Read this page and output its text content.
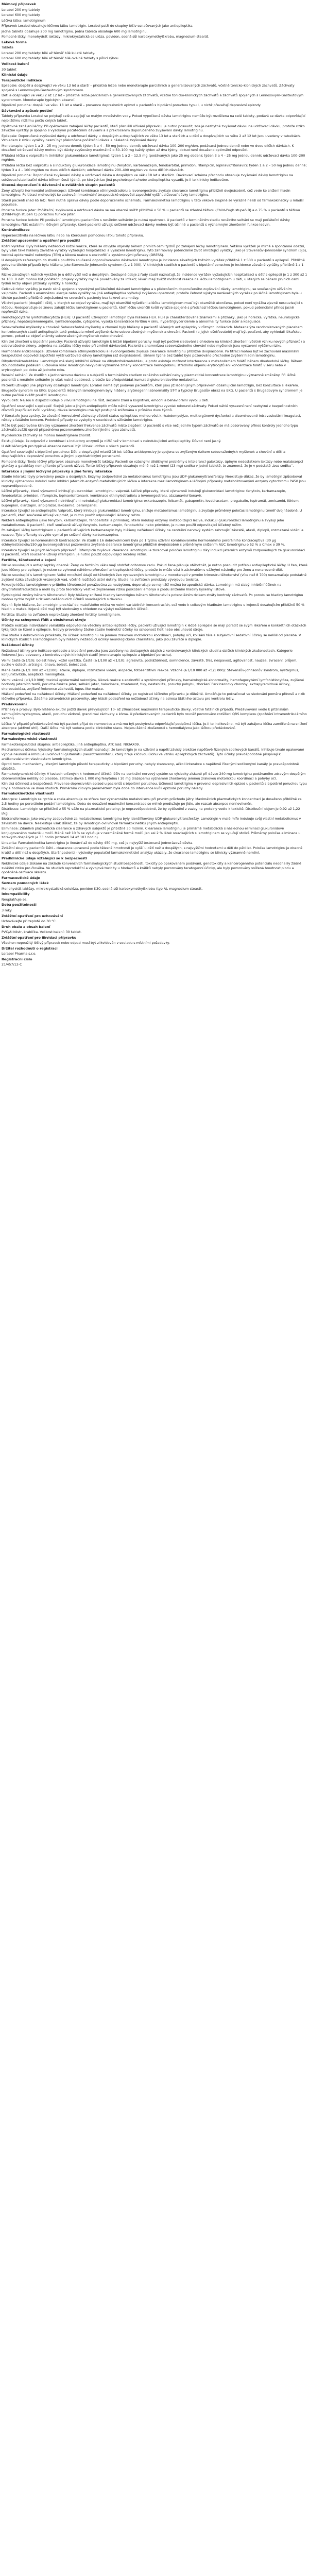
Mémový přípravek

Lorabel 200 mg tablety

Lorabel 600 mg tablety

Léčivá látka: lamotriginum

Přípravek Lorabel obsahuje léčivou látku lamotrigin. Lorabel patří do skupiny léčiv označovaných jako antiepileptika.

Jedna tableta obsahuje 200 mg lamotriginu. Jedna tableta obsahuje 600 mg lamotriginu.

Pomocné látky: monohydrát laktózy, mikrokrystalická celulóza, povidon, sodná sůl karboxymethylškrobu, magnesium-stearát.

Léková forma

Tableta

Lorabel 200 mg tablety: bílé až téměř bílé kulaté tablety.

Lorabel 600 mg tablety: bílé až téměř bílé oválné tablety s půlicí rýhou.

Velikost balení

30 tablet

Klinické údaje

Terapeutické indikace

Epilepsie: dospělí a dospívající ve věku 13 let a starší – přídatná léčba nebo monoterapie parciálních a generalizovaných záchvatů, včetně tonicko-klonických záchvatů. Záchvaty spojené s Lennoxovým-Gastautovým syndromem.

Děti a dospívající ve věku 2 až 12 let – přídatná léčba parciálních a generalizovaných záchvatů, včetně tonicko-klonických záchvatů a záchvatů spojených s Lennoxovým-Gastautovým syndromem. Monoterapie typických absencí.

Bipolární porucha: dospělí ve věku 18 let a starší – prevence depresivních epizod u pacientů s bipolární poruchou typu I, u nichž převažují depresivní epizody.

Dávkování a způsob podání

Tablety přípravku Lorabel se polykají celé a zapíjejí se malým množstvím vody. Pokud vypočtená dávka lamotriginu nemůže být rozdělena na celé tablety, podává se dávka odpovídající nejbližšímu nižšímu počtu celých tablet.

Opětovné zahájení léčby: Při opětovném zahájení léčby pacientů, kteří přerušili užívání přípravku, je nutno posoudit, zda je nezbytné zvyšovat dávku na udržovací dávku, protože riziko závažné vyrážky je spojeno s vysokými počátečními dávkami a s překročením doporučeného zvyšování dávky lamotriginu.

Epilepsie: Doporučené zvyšování dávky a udržovací dávky u dospělých a dospívajících ve věku 13 let a starších a u dětí a dospívajících ve věku 2 až 12 let jsou uvedeny v tabulkách. Vzhledem k riziku vyrážky nesmí být překročena počáteční dávka a následné zvyšování dávky.

Monoterapie: týden 1 a 2 – 25 mg jednou denně; týden 3 a 4 – 50 mg jednou denně; udržovací dávka 100–200 mg/den, podávaná jednou denně nebo ve dvou dílčích dávkách. K dosažení udržovací dávky mohou být dávky zvyšovány maximálně o 50–100 mg každý týden až dva týdny, dokud není dosaženo optimální odpovědi.

Přídatná léčba s valproátem (inhibitor glukuronidace lamotriginu): týden 1 a 2 – 12,5 mg (podávaných jako 25 mg obden); týden 3 a 4 – 25 mg jednou denně; udržovací dávka 100–200 mg/den.

Přídatná léčba bez valproátu a s induktory glukuronidace lamotriginu (fenytoin, karbamazepin, fenobarbital, primidon, rifampicin, lopinavir/ritonavir): týden 1 a 2 – 50 mg jednou denně; týden 3 a 4 – 100 mg/den ve dvou dílčích dávkách; udržovací dávka 200–400 mg/den ve dvou dílčích dávkách.

Bipolární porucha: Doporučené zvyšování dávky a udržovací dávka u dospělých ve věku 18 let a starších. Dávkovací schéma přechodu obsahuje zvyšování dávky lamotriginu na udržovací stabilizační dávku během šesti týdnů, po kterých lze jiná psychotropní a/nebo antiepileptika vysadit, je-li to klinicky indikováno.

Obecná doporučení k dávkování u zvláštních skupin pacientů

Ženy užívající hormonální antikoncepci: Užívání kombinace ethinylestradiolu a levonorgestrelu zvyšuje clearance lamotriginu přibližně dvojnásobně, což vede ke snížení hladin lamotriginu. Po titraci mohou být ke zachování maximální terapeutické odpovědi zapotřebí vyšší udržovací dávky lamotriginu.

Starší pacienti (nad 65 let): Není nutná úprava dávky podle doporučeného schématu. Farmakokinetika lamotriginu v této věkové skupině se výrazně neliší od farmakokinetiky u mladší populace.

Porucha funkce jater: Počáteční, zvyšovaná a udržovací dávka se má obecně snížit přibližně o 50 % u pacientů se středně těžkou (Child-Pugh stupeň B) a o 75 % u pacientů s těžkou (Child-Pugh stupeň C) poruchou funkce jater.

Porucha funkce ledvin: Při podávání lamotriginu pacientům s renálním selháním je nutná opatrnost. U pacientů v terminálním stadiu renálního selhání se mají počáteční dávky lamotriginu řídit ostatními léčivými přípravky, které pacienti užívají; snížené udržovací dávky mohou být účinné u pacientů s významným zhoršením funkce ledvin.

Kontraindikace

Hypersenzitivita na léčivou látku nebo na kteroukoli pomocnou látku tohoto přípravku.

Zvláštní upozornění a opatření pro použití

Kožní vyrážka: Byly hlášeny nežádoucí kožní reakce, které se obvykle objevily během prvních osmi týdnů po zahájení léčby lamotriginem. Většina vyrážek je mírná a spontánně odezní, byly však také hlášeny závažné vyrážky vyžadující hospitalizaci a vysazení lamotriginu. Tyto zahrnovaly potenciálně život ohrožující vyrážky, jako je Stevensův-Johnsonův syndrom (SJS), toxická epidermální nekrolýza (TEN) a léková reakce s eozinofilií a systémovými příznaky (DRESS).

U dospělých zařazených do studií s použitím současně doporučovaného dávkování lamotriginu je incidence závažných kožních vyrážek přibližně 1 z 500 u pacientů s epilepsií. Přibližně polovina těchto případů byla hlášena jako Stevensův-Johnsonův syndrom (1 z 1 000). V klinických studiích u pacientů s bipolární poruchou je incidence závažné vyrážky přibližně 1 z 1 000.

Riziko závažných kožních vyrážek je u dětí vyšší než u dospělých. Dostupné údaje z řady studií naznačují, že incidence vyrážek vyžadujících hospitalizaci u dětí s epilepsií je 1 z 300 až 1 ze 100. U dětí mohou být počáteční projevy vyrážky mylně považovány za infekci; lékaři mají zvážit možnost reakce na léčbu lamotriginem u dětí, u kterých se během prvních osmi týdnů léčby objeví příznaky vyrážky a horečky.

Celkové riziko vyrážky je navíc silně spojeno s vysokými počátečními dávkami lamotriginu a s překročením doporučeného zvyšování dávky lamotriginu, se současným užíváním valproátu. Pacienti s anamnézou alergie nebo vyrážky na jiná antiepileptika vyžadují zvýšenou opatrnost, protože četnost výskytu nezávažných vyrážek po léčbě lamotriginem byla u těchto pacientů přibližně trojnásobná ve srovnání s pacienty bez takové anamnézy.

Všichni pacienti (dospělí i děti), u kterých se objeví vyrážka, mají být okamžitě vyšetřeni a léčba lamotriginem musí být okamžitě ukončena, pokud není vyrážka zjevně nesouvisející s léčbou. Nedoporučuje se znovu zahájit léčbu lamotriginem u pacientů, kteří léčbu ukončili kvůli vyrážce spojené s předchozí léčbou lamotriginem, pokud potenciální přínos jasně nepřeváží riziko.

Hemofagocytární lymfohistiocytóza (HLH): U pacientů užívajících lamotrigin byla hlášena HLH. HLH je charakterizována známkami a příznaky, jako je horečka, vyrážka, neurologické příznaky, hepatosplenomegalie, lymfadenopatie, cytopenie, vysoká koncentrace feritinu v séru, hypertriglyceridemie a abnormality funkce jater a koagulace.

Sebevražedné myšlenky a chování: Sebevražedné myšlenky a chování byly hlášeny u pacientů léčených antiepileptiky v různých indikacích. Metaanalýza randomizovaných placebem kontrolovaných studií antiepileptik také prokázala mírně zvýšené riziko sebevražedných myšlenek a chování. Pacienti (a jejich ošetřovatelé) mají být poučeni, aby vyhledali lékařskou pomoc, pokud se objeví známky sebevražedných myšlenek nebo chování.

Klinické zhoršení u bipolární poruchy: Pacienti užívající lamotrigin k léčbě bipolární poruchy mají být pečlivě sledováni s ohledem na klinické zhoršení (včetně vzniku nových příznaků) a sebevražedné sklony, zejména na začátku léčby nebo při změně dávkování. Pacienti s anamnézou sebevražedného chování nebo myšlenek jsou vystaveni vyššímu riziku.

Hormonální antikoncepce: Užívání kombinace ethinylestradiolu a levonorgestrelu zvyšuje clearance lamotriginu přibližně dvojnásobně. Po titraci mohou být ke zachování maximální terapeutické odpovědi zapotřebí vyšší udržovací dávky lamotriginu (až dvojnásobné). Během týdne bez tablet bylo pozorováno přechodné zvýšení hladin lamotriginu.

Dihydrofolátreduktáza: Lamotrigin má slabý inhibiční účinek na dihydrofolátreduktázu, a proto existuje možnost interference s metabolismem folátů během dlouhodobé léčby. Během dlouhodobého podávání u člověka však lamotrigin nevyvolal významné změny koncentrace hemoglobinu, středního objemu erytrocytů ani koncentrace folátů v séru nebo v erytrocytech po dobu až jednoho roku.

Renální selhání: Ve studiích s jednorázovou dávkou u subjektů s terminálním stadiem renálního selhání nebyly plazmatické koncentrace lamotriginu významně změněny. Při léčbě pacientů s renálním selháním je však nutná opatrnost, protože lze předpokládat kumulaci glukuronidového metabolitu.

Pacienti užívající jiné přípravky obsahující lamotrigin: Lorabel nemá být podáván pacientům, kteří jsou již léčeni jiným přípravkem obsahujícím lamotrigin, bez konzultace s lékařem.

Brugadův syndrom na EKG: U pacientů léčených lamotriginem byly hlášeny arytmogenní abnormality ST-T a typický Brugadův obraz na EKG. U pacientů s Brugadovým syndromem je nutno pečlivě zvážit použití lamotriginu.

Vývoj dětí: Nejsou k dispozici údaje o vlivu lamotriginu na růst, sexuální zrání a kognitivní, emoční a behaviorální vývoj u dětí.

Opatření související s epilepsií: Stejně jako u jiných antiepileptik může náhlé vysazení lamotriginu vyvolat rebound záchvaty. Pokud náhlé vysazení není nezbytné z bezpečnostních důvodů (například kvůli vyrážce), dávka lamotriginu má být postupně snižována v průběhu dvou týdnů.

V literatuře jsou zprávy, že závažné konvulzivní záchvaty včetně status epilepticus mohou vést k rhabdomyolýze, multiorgánové dysfunkci a diseminované intravaskulární koagulaci, někdy s fatálním koncem. Podobné případy se vyskytly v souvislosti s užíváním lamotriginu.

Může být pozorováno klinicky významné zhoršení frekvence záchvatů místo zlepšení. U pacientů s více než jedním typem záchvatů se má pozorovaný přínos kontroly jednoho typu záchvatů zvážit oproti případnému pozorovanému zhoršení jiného typu záchvatů.

Myoklonické záchvaty se mohou lamotriginem zhoršit.

Existují údaje, že odpověď v kombinaci s induktory enzymů je nižší než v kombinaci s neindukujícími antiepileptiky. Důvod není jasný.

U dětí léčených pro typické absence nemusí být účinek udržen u všech pacientů.

Opatření související s bipolární poruchou: Děti a dospívající mladší 18 let: Léčba antidepresivy je spojena se zvýšeným rizikem sebevražedných myšlenek a chování u dětí a dospívajících s depresivní poruchou a jinými psychiatrickými poruchami.

Pomocné látky: Tento léčivý přípravek obsahuje monohydrát laktózy. Pacienti se vzácnými dědičnými problémy s intolerancí galaktózy, úplným nedostatkem laktázy nebo malabsorpcí glukózy a galaktózy nemají tento přípravek užívat. Tento léčivý přípravek obsahuje méně než 1 mmol (23 mg) sodíku v jedné tabletě, to znamená, že je v podstatě „bez sodíku“.

Interakce s jinými léčivými přípravky a jiné formy interakce

Studie interakcí byly provedeny pouze u dospělých. Enzymy zodpovědné za metabolismus lamotriginu jsou UDP-glukuronyltransferázy. Neexistuje důkaz, že by lamotrigin způsoboval klinicky významnou indukci nebo inhibici jaterních enzymů metabolizujících léčiva a interakce mezi lamotriginem a léčivými přípravky metabolizovanými enzymy cytochromu P450 jsou nepravděpodobné.

Léčivé přípravky, které významně inhibují glukuronidaci lamotriginu: valproát. Léčivé přípravky, které významně indukují glukuronidaci lamotriginu: fenytoin, karbamazepin, fenobarbital, primidon, rifampicin, lopinavir/ritonavir, kombinace ethinylestradiolu a levonorgestrelu, atazanavir/ritonavir.

Léčivé přípravky, které významně neinhibují ani neindukují glukuronidaci lamotriginu: oxkarbazepin, felbamát, gabapentin, levetiracetam, pregabalin, topiramát, zonisamid, lithium, bupropion, olanzapin, aripiprazol, lakosamid, perampanel.

Interakce týkající se antiepileptik: Valproát, který inhibuje glukuronidaci lamotriginu, snižuje metabolismus lamotriginu a zvyšuje průměrný poločas lamotriginu téměř dvojnásobně. U pacientů, kteří současně užívají valproát, je nutno použít odpovídající léčebný režim.

Některá antiepileptika (jako fenytoin, karbamazepin, fenobarbital a primidon), která indukují enzymy metabolizující léčiva, indukují glukuronidaci lamotriginu a zvyšují jeho metabolismus. U pacientů, kteří současně užívají fenytoin, karbamazepin, fenobarbital nebo primidon, je nutno použít odpovídající léčebný režim.

Po zahájení léčby lamotriginem u pacientů užívajících karbamazepin byly hlášeny nežádoucí účinky na centrální nervový systém zahrnující závratě, ataxii, diplopii, rozmazané vidění a nauzeu. Tyto příznaky obvykle vymizí po snížení dávky karbamazepinu.

Interakce týkající se hormonálních kontraceptiv: Ve studii s 16 dobrovolnicemi byla po 1 týdnu užívání kombinovaného hormonálního perorálního kontraceptiva (30 µg ethinylestradiolu/150 µg levonorgestrelu) pozorována zvýšená clearance lamotriginu přibližně dvojnásobně s průměrným snížením AUC lamotriginu o 52 % a Cmax o 39 %.

Interakce týkající se jiných léčivých přípravků: Rifampicin zvyšoval clearance lamotriginu a zkracoval poločas lamotriginu díky indukci jaterních enzymů zodpovědných za glukuronidaci. U pacientů, kteří současně užívají rifampicin, je nutno použít odpovídající léčebný režim.

Fertilita, těhotenství a kojení

Riziko související s antiepileptiky obecně: Ženy ve fertilním věku mají obdržet odbornou radu. Pokud žena plánuje otěhotnět, je nutno posoudit potřebu antiepileptické léčby. U žen, které jsou léčeny pro epilepsii, je nutno se vyhnout náhlému přerušení antiepileptické léčby, protože to může vést k záchvatům s vážnými následky pro ženu a nenarozené dítě.

Riziko související s lamotriginem: Velké množství údajů od těhotných žen vystavených lamotriginu v monoterapii v prvním trimestru těhotenství (více než 8 700) nenaznačuje podstatné zvýšení rizika závažných vrozených vad, včetně rozštěpů ústní dutiny. Studie na zvířatech prokázaly vývojovou toxicitu.

Pokud je léčba lamotriginem v průběhu těhotenství považována za nezbytnou, doporučuje se nejnižší možná terapeutická dávka. Lamotrigin má slabý inhibiční účinek na dihydrofolátreduktázu a mohl by proto teoreticky vést ke zvýšenému riziku poškození embrya a plodu snížením hladiny kyseliny listové.

Fyziologické změny během těhotenství: Byly hlášeny snížené hladiny lamotriginu během těhotenství s potenciálním rizikem ztráty kontroly záchvatů. Po porodu se hladiny lamotriginu mohou rychle zvýšit s rizikem nežádoucích účinků souvisejících s dávkou.

Kojení: Bylo hlášeno, že lamotrigin prochází do mateřského mléka ve velmi variabilních koncentracích, což vede k celkovým hladinám lamotriginu u kojenců dosahujícím přibližně 50 % hladin u matek. Kojené děti mají být sledovány s ohledem na výskyt nežádoucích účinků.

Fertilita: Studie na zvířatech neprokázaly zhoršení fertility lamotriginem.

Účinky na schopnost řídit a obsluhovat stroje

Protože existuje individuální variabilita odpovědi na všechny antiepileptické léčby, pacienti užívající lamotrigin k léčbě epilepsie se mají poradit se svým lékařem o konkrétních otázkách týkajících se řízení a epilepsie. Nebyly provedeny žádné studie hodnotící účinky na schopnost řídit nebo obsluhovat stroje.

Dvě studie s dobrovolníky prokázaly, že účinek lamotriginu na jemnou zrakovou motorickou koordinaci, pohyby očí, kolísání těla a subjektivní sedativní účinky se nelišil od placeba. V klinických studiích s lamotriginem byly hlášeny nežádoucí účinky neurologického charakteru, jako jsou závratě a diplopie.

Nežádoucí účinky

Nežádoucí účinky pro indikace epilepsie a bipolární porucha jsou založeny na dostupných údajích z kontrolovaných klinických studií a dalších klinických zkušenostech. Kategorie frekvencí jsou odvozeny z kontrolovaných klinických studií (monoterapie epilepsie a bipolární porucha).

Velmi časté (≥1/10): bolest hlavy, kožní vyrážka. Časté (≥1/100 až <1/10): agresivita, podrážděnost, somnolence, závratě, třes, nespavost, agitovanost, nauzea, zvracení, průjem, sucho v ústech, artralgie, únava, bolest, bolest zad.

Méně časté (≥1/1 000 až <1/100): ataxie, diplopie, rozmazané vidění, alopecie, fotosenzitivní reakce. Vzácné (≥1/10 000 až <1/1 000): Stevensův-Johnsonův syndrom, nystagmus, konjunktivitida, aseptická meningitida.

Velmi vzácné (<1/10 000): toxická epidermální nekrolýza, léková reakce s eozinofilií a systémovými příznaky, hematologické abnormality, hemofagocytární lymfohistiocytóza, zvýšené hodnoty jaterních testů, porucha funkce jater, selhání jater, halucinace, zmatenost, tiky, nestabilita, poruchy pohybu, zhoršení Parkinsonovy choroby, extrapyramidové účinky, choreoatetóza, zvýšení frekvence záchvatů, lupus-like reakce.

Hlášení podezření na nežádoucí účinky: Hlášení podezření na nežádoucí účinky po registraci léčivého přípravku je důležité. Umožňuje to pokračovat ve sledování poměru přínosů a rizik léčivého přípravku. Žádáme zdravotnické pracovníky, aby hlásili podezření na nežádoucí účinky na adresu Státního ústavu pro kontrolu léčiv.

Předávkování

Příznaky a projevy: Bylo hlášeno akutní požití dávek převyšujících 10- až 20násobek maximální terapeutické dávky, včetně fatálních případů. Předávkování vedlo k příznakům zahrnujícím nystagmus, ataxii, poruchu vědomí, grand mal záchvaty a kóma. U předávkovaných pacientů bylo rovněž pozorováno rozšíření QRS komplexu (zpoždění intraventrikulárního vedení).

Léčba: V případě předávkování má být pacient přijat do nemocnice a má mu být poskytnuta odpovídající podpůrná léčba. Je-li to indikováno, má být zahájena léčba zaměřená na snížení absorpce (aktivní uhlí). Další léčba má být vedena podle klinického stavu. Nejsou žádné zkušenosti s hemodialýzou jako léčbou předávkování.

Farmakologické vlastnosti

Farmakodynamické vlastnosti

Farmakoterapeutická skupina: antiepileptika, jiná antiepileptika, ATC kód: N03AX09.

Mechanismus účinku: Výsledky farmakologických studií naznačují, že lamotrigin je na užívání a napětí závislý blokátor napěťově řízených sodíkových kanálů. Inhibuje trvalé opakované výboje neuronů a inhibuje uvolňování glutamátu (neurotransmiteru, který hraje klíčovou úlohu ve vzniku epileptických záchvatů). Tyto účinky pravděpodobně přispívají k antikonvulzivním vlastnostem lamotriginu.

Oproti tomu mechanismy, kterými lamotrigin působí terapeuticky u bipolární poruchy, nebyly stanoveny, ačkoli interakce s napěťově řízenými sodíkovými kanály je pravděpodobně důležitá.

Farmakodynamické účinky: V testech určených k hodnocení účinků léčiv na centrální nervový systém se výsledky získané při dávce 240 mg lamotriginu podávaného zdravým dospělým dobrovolníkům nelišily od placeba, zatímco dávka 1 000 mg fenytoinu i 10 mg diazepamu významně zhoršovaly jemnou zrakovou motorickou koordinaci a pohyby očí.

Klinická účinnost a bezpečnost: Prevence depresivních epizod u pacientů s bipolární poruchou. Účinnost lamotriginu v prevenci depresivních epizod u pacientů s bipolární poruchou typu I byla hodnocena ve dvou studiích. Primárním cílovým parametrem byla doba do intervence kvůli epizodě poruchy nálady.

Farmakokinetické vlastnosti

Absorpce: Lamotrigin se rychle a zcela absorbuje ze střeva bez významného metabolismu při prvním průchodu játry. Maximálních plazmatických koncentrací je dosaženo přibližně za 2,5 hodiny po perorálním podání lamotriginu. Doba do dosažení maximální koncentrace se mírně prodlužuje po jídle, ale rozsah absorpce není ovlivněn.

Distribuce: Lamotrigin se přibližně z 55 % váže na plazmatické proteiny; je nepravděpodobné, že by vytěsnění z vazby na proteiny vedlo k toxicitě. Distribuční objem je 0,92 až 1,22 l/kg.

Biotransformace: Jako enzymy zodpovědné za metabolismus lamotriginu byly identifikovány UDP-glukuronyltransferázy. Lamotrigin v malé míře indukuje svůj vlastní metabolismus v závislosti na dávce. Neexistuje však důkaz, že by lamotrigin ovlivňoval farmakokinetiku jiných antiepileptik.

Eliminace: Zdánlivá plazmatická clearance u zdravých subjektů je přibližně 30 ml/min. Clearance lamotriginu je primárně metabolická s následnou eliminací glukuronidově konjugovaného materiálu močí. Méně než 10 % se vylučuje v nezměněné formě močí. Jen asi 2 % látek souvisejících s lamotriginem se vylučují stolicí. Průměrný poločas eliminace u zdravých dospělých je 33 hodin (rozmezí 14 až 103 hodin).

Linearita: Farmakokinetika lamotriginu je lineární až do dávky 450 mg, což je nejvyšší testovaná jednorázová dávka.

Zvláštní skupiny pacientů: Děti – clearance upravená podle tělesné hmotnosti je vyšší u dětí než u dospělých, s nejvyššími hodnotami u dětí do pěti let. Poločas lamotriginu je obecně kratší u dětí než u dospělých. Starší pacienti – výsledky populační farmakokinetické analýzy ukázaly, že clearance lamotriginu se klinicky významně nemění.

Předklinické údaje vztahující se k bezpečnosti

Neklinické údaje získané na základě konvenčních farmakologických studií bezpečnosti, toxicity po opakovaném podávání, genotoxicity a kancerogenního potenciálu neodhalily žádné zvláštní riziko pro člověka. Ve studiích reprodukční a vývojové toxicity u hlodavců a králíků nebyly pozorovány teratogenní účinky, ale byly pozorovány snížená hmotnost plodu a opožděná osifikace skeletu.

Farmaceutické údaje

Seznam pomocných látek

Monohydrát laktózy, mikrokrystalická celulóza, povidon K30, sodná sůl karboxymethylškrobu (typ A), magnesium-stearát.

Inkompatibility

Neuplatňuje se.

Doba použitelnosti

3 roky

Zvláštní opatření pro uchovávání

Uchovávejte při teplotě do 30 °C.

Druh obalu a obsah balení

PVC/Al blistr, krabička. Velikost balení: 30 tablet.

Zvláštní opatření pro likvidaci přípravku

Všechen nepoužitý léčivý přípravek nebo odpad musí být zlikvidován v souladu s místními požadavky.

Držitel rozhodnutí o registraci

Lorabel Pharma s.r.o.

Registrační číslo

21/457/12-C
